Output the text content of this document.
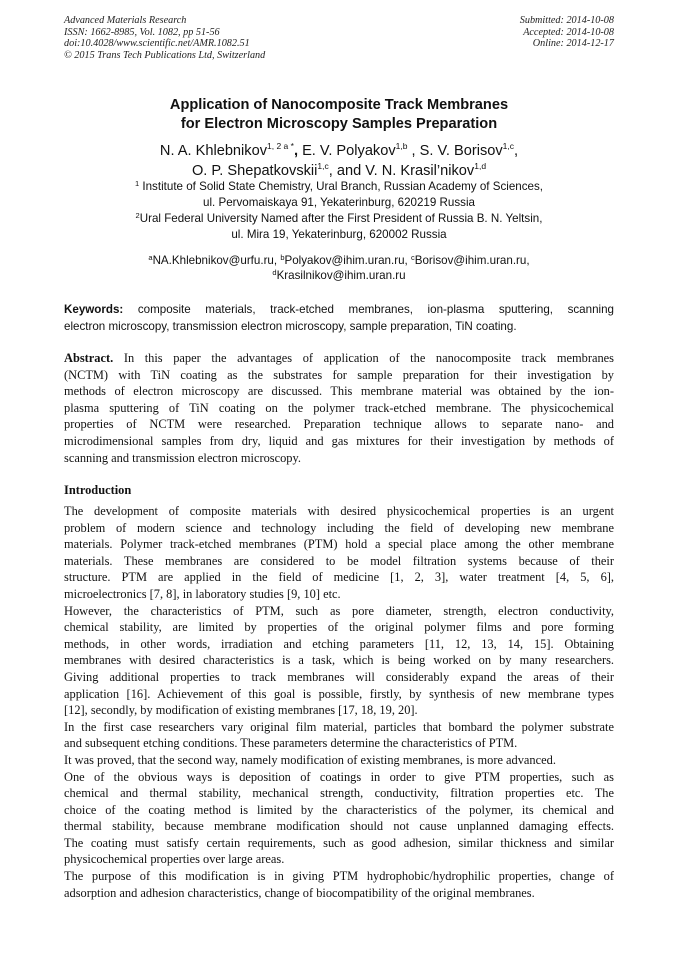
Advanced Materials Research
ISSN: 1662-8985, Vol. 1082, pp 51-56
doi:10.4028/www.scientific.net/AMR.1082.51
© 2015 Trans Tech Publications Ltd, Switzerland
Submitted: 2014-10-08
Accepted: 2014-10-08
Online: 2014-12-17
Application of Nanocomposite Track Membranes
for Electron Microscopy Samples Preparation
N. A. Khlebnikov$^{1, 2 a *}$, E. V. Polyakov$^{1,b}$ , S. V. Borisov$^{1,c}$,
O. P. Shepatkovskii$^{1,c}$, and V. N. Krasil’nikov$^{1,d}$
$^1$ Institute of Solid State Chemistry, Ural Branch, Russian Academy of Sciences,
ul. Pervomaiskaya 91, Yekaterinburg, 620219 Russia
$^2$Ural Federal University Named after the First President of Russia B. N. Yeltsin,
ul. Mira 19, Yekaterinburg, 620002 Russia
$^a$NA.Khlebnikov@urfu.ru, $^b$Polyakov@ihim.uran.ru, $^c$Borisov@ihim.uran.ru,
$^d$Krasilnikov@ihim.uran.ru
Keywords: composite materials, track-etched membranes, ion-plasma sputtering, scanning
electron microscopy, transmission electron microscopy, sample preparation, TiN coating.
Abstract. In this paper the advantages of application of the nanocomposite track membranes
(NCTM) with TiN coating as the substrates for sample preparation for their investigation by
methods of electron microscopy are discussed. This membrane material was obtained by the ion-
plasma sputtering of TiN coating on the polymer track-etched membrane. The physicochemical
properties of NCTM were researched. Preparation technique allows to separate nano- and
microdimensional samples from dry, liquid and gas mixtures for their investigation by methods of
scanning and transmission electron microscopy.
Introduction
The development of composite materials with desired physicochemical properties is an urgent
problem of modern science and technology including the field of developing new membrane
materials. Polymer track-etched membranes (PTM) hold a special place among the other membrane
materials. These membranes are considered to be model filtration systems because of their
structure. PTM are applied in the field of medicine [1, 2, 3], water treatment [4, 5, 6],
microelectronics [7, 8], in laboratory studies [9, 10] etc.
However, the characteristics of PTM, such as pore diameter, strength, electron conductivity,
chemical stability, are limited by properties of the original polymer films and pore forming
methods, in other words, irradiation and etching parameters [11, 12, 13, 14, 15]. Obtaining
membranes with desired characteristics is a task, which is being worked on by many researchers.
Giving additional properties to track membranes will considerably expand the areas of their
application [16]. Achievement of this goal is possible, firstly, by synthesis of new membrane types
[12], secondly, by modification of existing membranes [17, 18, 19, 20].
In the first case researchers vary original film material, particles that bombard the polymer substrate
and subsequent etching conditions. These parameters determine the characteristics of PTM.
It was proved, that the second way, namely modification of existing membranes, is more advanced.
One of the obvious ways is deposition of coatings in order to give PTM properties, such as
chemical and thermal stability, mechanical strength, conductivity, filtration properties etc. The
choice of the coating method is limited by the characteristics of the polymer, its chemical and
thermal stability, because membrane modification should not cause unplanned damaging effects.
The coating must satisfy certain requirements, such as good adhesion, similar thickness and similar
physicochemical properties over large areas.
The purpose of this modification is in giving PTM hydrophobic/hydrophilic properties, change of
adsorption and adhesion characteristics, change of biocompatibility of the original membranes.
